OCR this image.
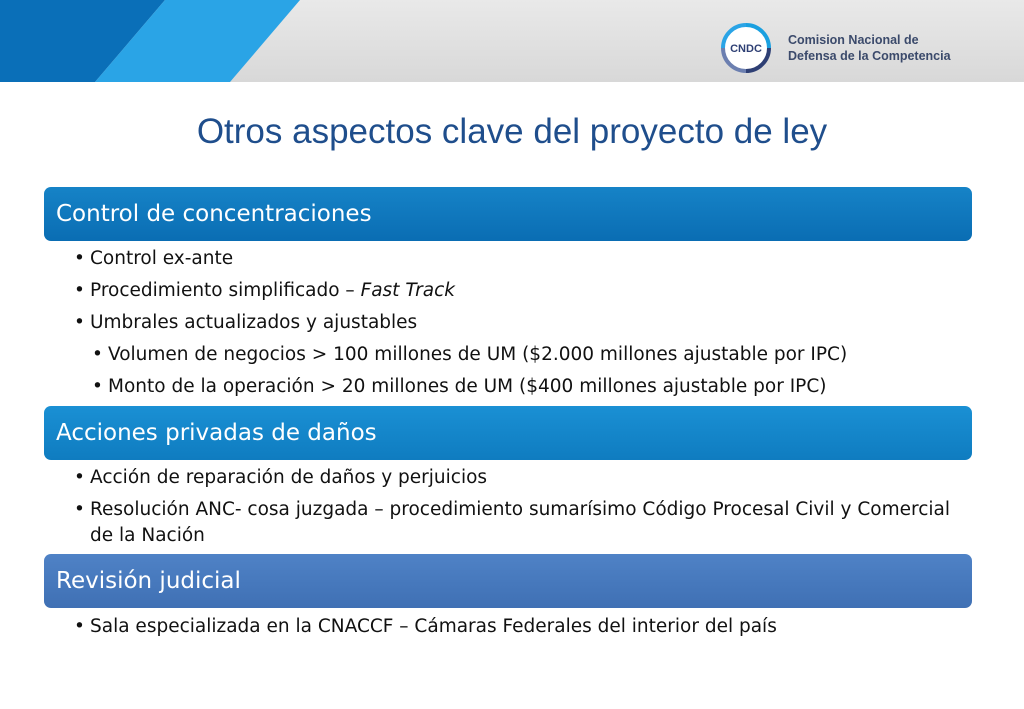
CNDC
Comision Nacional de
Defensa de la Competencia
Otros aspectos clave del proyecto de ley
Control de concentraciones
• Control ex-ante
• Procedimiento simplificado – Fast Track
• Umbrales actualizados y ajustables
• Volumen de negocios > 100 millones de UM ($2.000 millones ajustable por IPC)
• Monto de la operación > 20 millones de UM ($400 millones ajustable por IPC)
Acciones privadas de daños
• Acción de reparación de daños y perjuicios
• Resolución ANC- cosa juzgada – procedimiento sumarísimo Código Procesal Civil y Comercial de la Nación
Revisión judicial
• Sala especializada en la CNACCF – Cámaras Federales del interior del país
